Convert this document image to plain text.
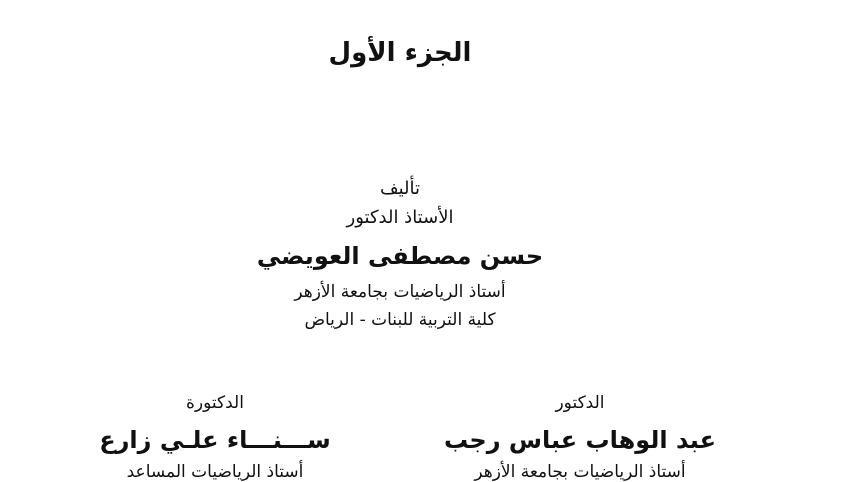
الجزء الأول
تأليف
الأستاذ الدكتور
حسن مصطفى العويضي
أستاذ الرياضيات بجامعة الأزهر
كلية التربية للبنات - الرياض
الدكتور
عبد الوهاب عباس رجب
أستاذ الرياضيات بجامعة الأزهر
الدكتورة
ســـنـــاء علـي زارع
أستاذ الرياضيات المساعد
